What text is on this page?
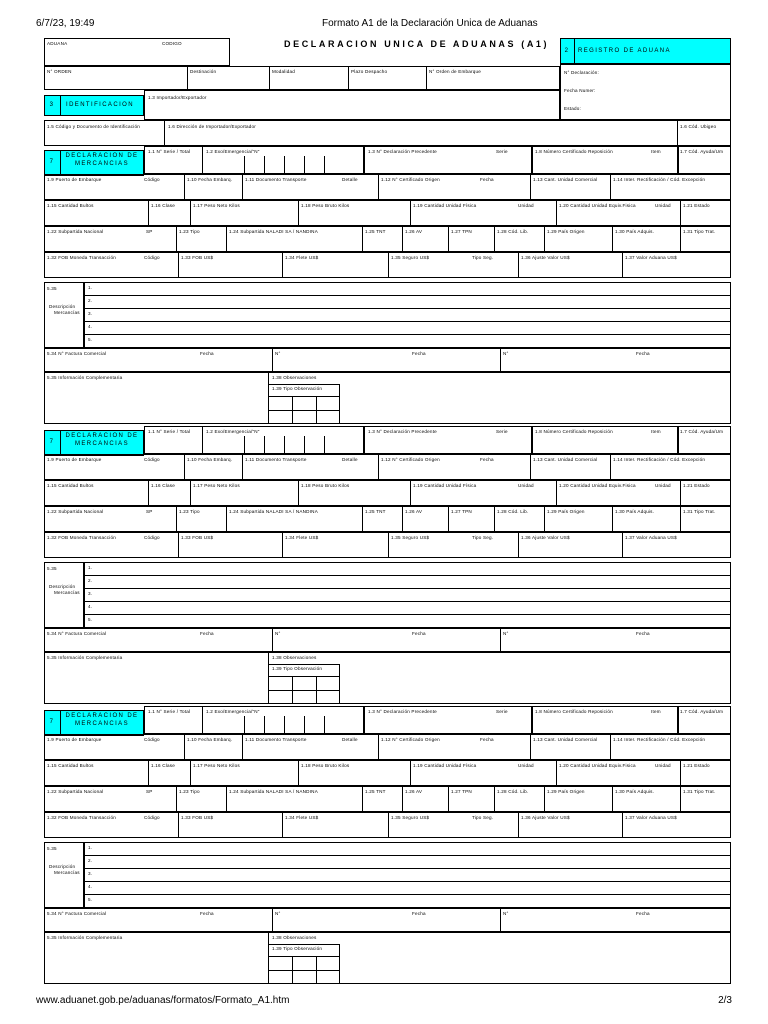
6/7/23, 19:49	Formato A1 de la Declaración Unica de Aduanas
ADUANA	CODIGO	DECLARACION UNICA DE ADUANAS (A1)
2	REGISTRO DE ADUANA
N° ORDEN	Destinación	Modalidad	Plazo Despacho	N° Orden de Embarque	N° Declaración:
Fecha Numer:
Estado:
3	IDENTIFICACION
1.3 Importador/Exportador
1.5 Código y Documento de Identificación	1.6 Dirección de Importador/Exportador	1.6 Cód. Ubigeo
7
DECLARACION DE
MERCANCIAS
1.1 N° Serie / Total	1.2 Exo/Emergencia/"N"	1.3 N° Declaración Precedente	Serie	1.8 Número Certificado Reposición	Item	1.7 Cód. Ayuda/Um
1.9 Puerto de Embarque	Código	1.10 Fecha Embarq.	1.11 Documento Transporte	Detalle	1.12 N° Certificado Origen	Fecha	1.13 Cant. Unidad Comercial	1.14 Inter. Rectificación / Cód. Excepción
1.15 Cantidad Bultos	1.16 Clase	1.17 Peso Neto Kilos	1.18 Peso Bruto Kilos	1.19 Cantidad Unidad Física	Unidad	1.20 Cantidad Unidad Equiv.Fisica	Unidad	1.21 Estado
1.22 Subpartida Nacional	SP	1.23 Tipo	1.24 Subpartida NALADI SA / NANDINA	1.25 TNT	1.26 AV	1.27 TPN	1.28 Cód. Lib.	1.29 País Origen	1.30 País Adquis.	1.31 Tipo Trat.
1.32 FOB Moneda Transacción	Código	1.33 FOB US$	1.34 Flete US$	1.35 Seguro US$	Tipo Seg.	1.36 Ajuste Valor US$	1.37 Valor Aduana US$
5.35
Descripción
Mercancías
1.
2.
3.
4.
5.
5.34 N° Factura Comercial	Fecha	N°	Fecha	N°	Fecha
5.35 Información Complementaria	1.38 Observaciones
1.39 Tipo Observación
7
DECLARACION DE
MERCANCIAS
1.1 N° Serie / Total	1.2 Exo/Emergencia/"N"	1.3 N° Declaración Precedente	Serie	1.8 Número Certificado Reposición	Item	1.7 Cód. Ayuda/Um
1.9 Puerto de Embarque	Código	1.10 Fecha Embarq.	1.11 Documento Transporte	Detalle	1.12 N° Certificado Origen	Fecha	1.13 Cant. Unidad Comercial	1.14 Inter. Rectificación / Cód. Excepción
1.15 Cantidad Bultos	1.16 Clase	1.17 Peso Neto Kilos	1.18 Peso Bruto Kilos	1.19 Cantidad Unidad Física	Unidad	1.20 Cantidad Unidad Equiv.Fisica	Unidad	1.21 Estado
1.22 Subpartida Nacional	SP	1.23 Tipo	1.24 Subpartida NALADI SA / NANDINA	1.25 TNT	1.26 AV	1.27 TPN	1.28 Cód. Lib.	1.29 País Origen	1.30 País Adquis.	1.31 Tipo Trat.
1.32 FOB Moneda Transacción	Código	1.33 FOB US$	1.34 Flete US$	1.35 Seguro US$	Tipo Seg.	1.36 Ajuste Valor US$	1.37 Valor Aduana US$
5.35
Descripción
Mercancías
1.
2.
3.
4.
5.
5.34 N° Factura Comercial	Fecha	N°	Fecha	N°	Fecha
5.35 Información Complementaria	1.38 Observaciones
1.39 Tipo Observación
7
DECLARACION DE
MERCANCIAS
1.1 N° Serie / Total	1.2 Exo/Emergencia/"N"	1.3 N° Declaración Precedente	Serie	1.8 Número Certificado Reposición	Item	1.7 Cód. Ayuda/Um
1.9 Puerto de Embarque	Código	1.10 Fecha Embarq.	1.11 Documento Transporte	Detalle	1.12 N° Certificado Origen	Fecha	1.13 Cant. Unidad Comercial	1.14 Inter. Rectificación / Cód. Excepción
1.15 Cantidad Bultos	1.16 Clase	1.17 Peso Neto Kilos	1.18 Peso Bruto Kilos	1.19 Cantidad Unidad Física	Unidad	1.20 Cantidad Unidad Equiv.Fisica	Unidad	1.21 Estado
1.22 Subpartida Nacional	SP	1.23 Tipo	1.24 Subpartida NALADI SA / NANDINA	1.25 TNT	1.26 AV	1.27 TPN	1.28 Cód. Lib.	1.29 País Origen	1.30 País Adquis.	1.31 Tipo Trat.
1.32 FOB Moneda Transacción	Código	1.33 FOB US$	1.34 Flete US$	1.35 Seguro US$	Tipo Seg.	1.36 Ajuste Valor US$	1.37 Valor Aduana US$
5.35
Descripción
Mercancías
1.
2.
3.
4.
5.
5.34 N° Factura Comercial	Fecha	N°	Fecha	N°	Fecha
5.35 Información Complementaria	1.38 Observaciones
1.39 Tipo Observación
www.aduanet.gob.pe/aduanas/formatos/Formato_A1.htm	2/3
